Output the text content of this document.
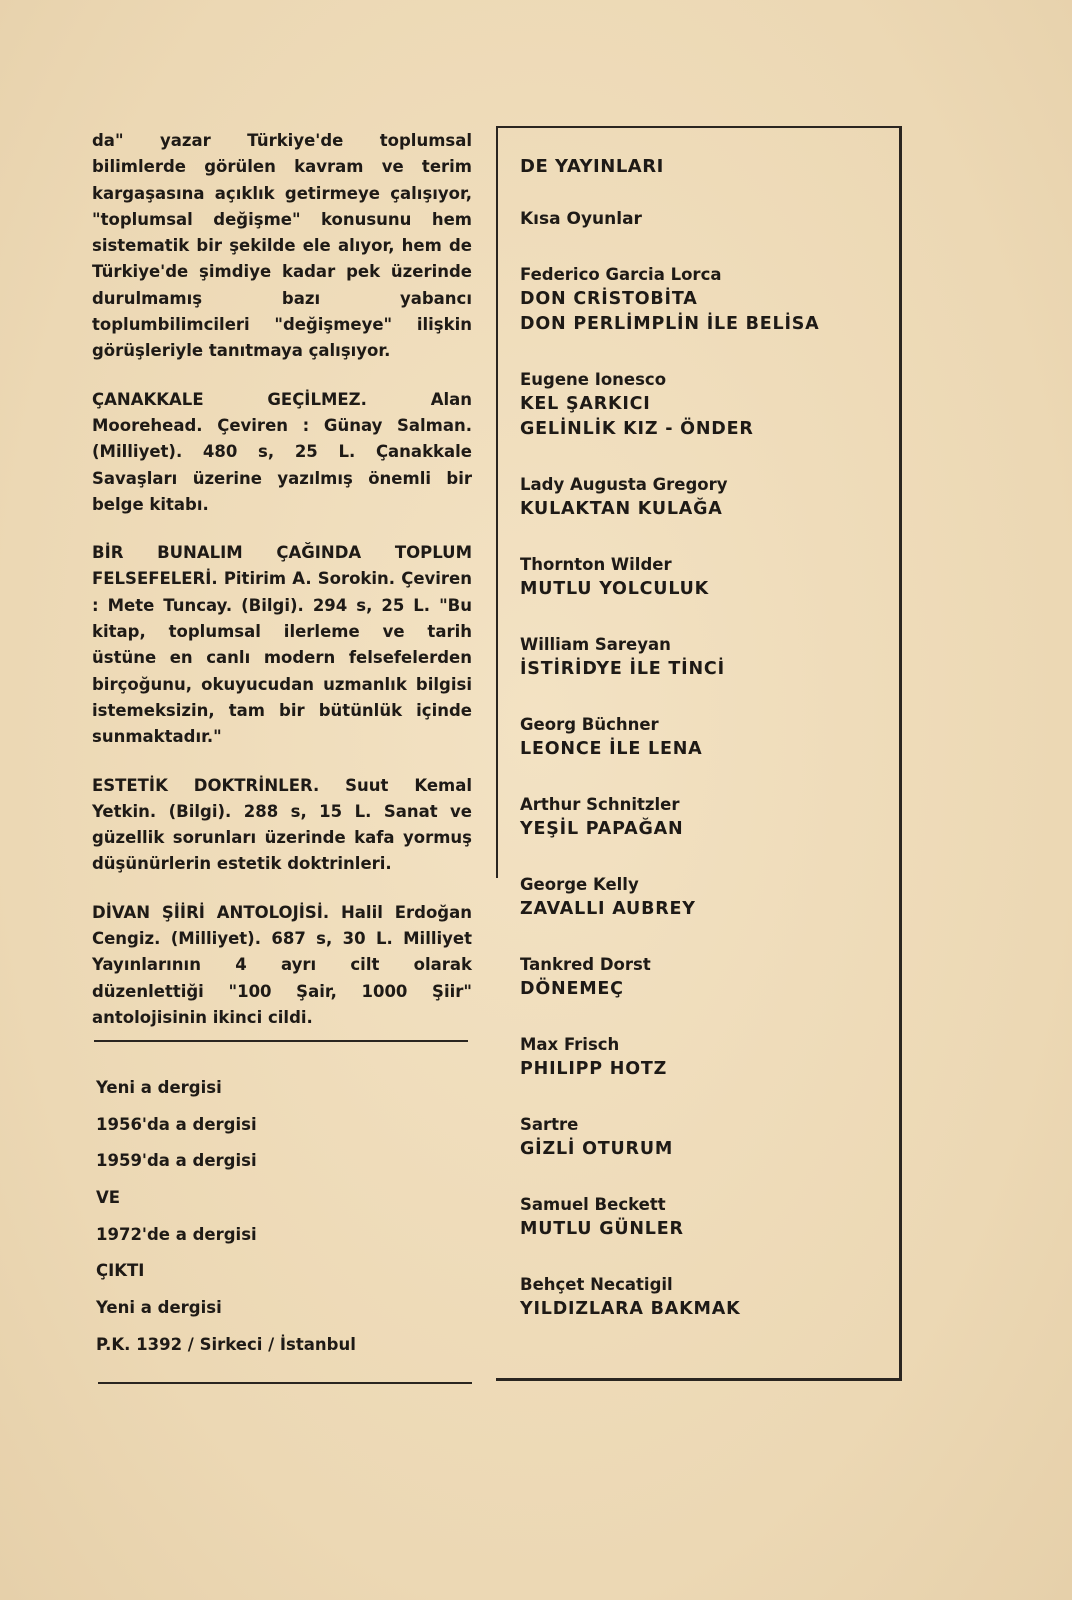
da" yazar Türkiye'de toplumsal bilimlerde görülen kavram ve terim kargaşasına açıklık getirmeye çalışıyor, "toplumsal değişme" konusunu hem sistematik bir şekilde ele alıyor, hem de Türkiye'de şimdiye kadar pek üzerinde durulmamış bazı yabancı toplumbilimcileri "değişmeye" ilişkin görüşleriyle tanıtmaya çalışıyor.

ÇANAKKALE GEÇİLMEZ.	Alan Moorehead. Çeviren : Günay Salman. (Milliyet). 480 s, 25 L. Çanakkale Savaşları üzerine yazılmış önemli bir belge kitabı.

BİR BUNALIM ÇAĞINDA TOPLUM FELSEFELERİ. Pitirim A. Sorokin. Çeviren : Mete Tuncay. (Bilgi). 294 s, 25 L. "Bu kitap, toplumsal ilerleme ve tarih üstüne en canlı modern felsefelerden birçoğunu, okuyucudan uzmanlık bilgisi istemeksizin, tam bir bütünlük içinde sunmaktadır."

ESTETİK DOKTRİNLER. Suut Kemal Yetkin. (Bilgi). 288 s, 15 L. Sanat ve güzellik sorunları üzerinde kafa yormuş düşünürlerin estetik doktrinleri.

DİVAN ŞİİRİ ANTOLOJİSİ. Halil Erdoğan Cengiz. (Milliyet). 687 s, 30 L. Milliyet Yayınlarının 4 ayrı cilt olarak düzenlettiği "100 Şair, 1000 Şiir" antolojisinin ikinci cildi.

Yeni a dergisi
1956'da a dergisi
1959'da a dergisi
VE
1972'de a dergisi
ÇIKTI
Yeni a dergisi
P.K. 1392 / Sirkeci / İstanbul
DE YAYINLARI
Kısa Oyunlar
Federico Garcia Lorca
DON CRİSTOBİTA
DON PERLİMPLİN İLE BELİSA
Eugene Ionesco
KEL ŞARKICI
GELİNLİK KIZ - ÖNDER
Lady Augusta Gregory
KULAKTAN KULAĞA
Thornton Wilder
MUTLU YOLCULUK
William Sareyan
İSTİRİDYE İLE TİNCİ
Georg Büchner
LEONCE İLE LENA
Arthur Schnitzler
YEŞİL PAPAĞAN
George Kelly
ZAVALLI AUBREY
Tankred Dorst
DÖNEMEÇ
Max Frisch
PHILIPP HOTZ
Sartre
GİZLİ OTURUM
Samuel Beckett
MUTLU GÜNLER
Behçet Necatigil
YILDIZLARA BAKMAK
